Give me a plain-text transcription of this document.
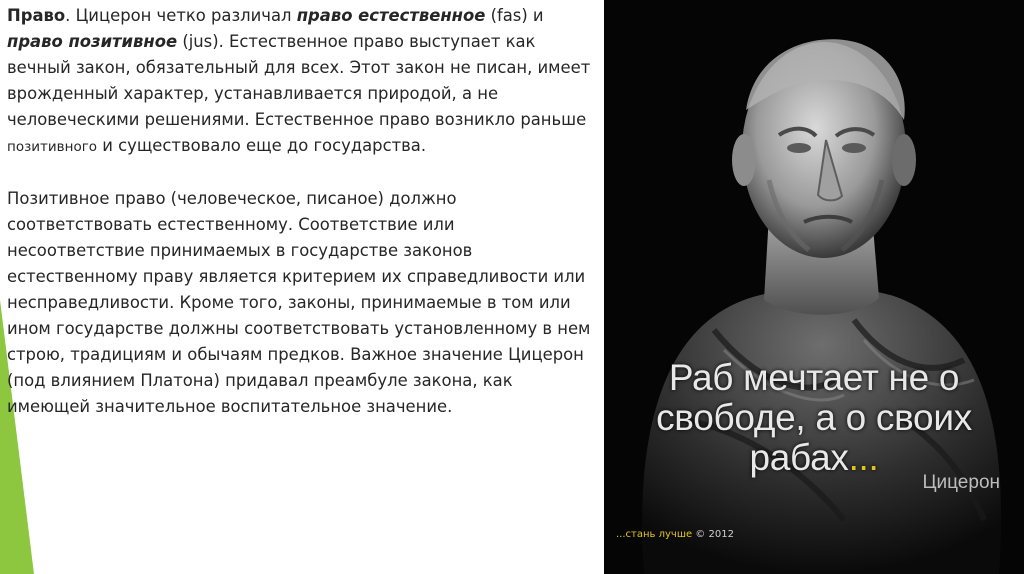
Право. Цицерон четко различал право естественное (fas) и право позитивное (jus). Естественное право выступает как вечный закон, обязательный для всех. Этот закон не писан, имеет врожденный характер, устанавливается природой, а не человеческими решениями. Естественное право возникло раньше позитивного и существовало еще до государства.

Позитивное право (человеческое, писаное) должно соответствовать естественному. Соответствие или несоответствие принимаемых в государстве законов естественному праву является критерием их справедливости или несправедливости. Кроме того, законы, принимаемые в том или ином государстве должны соответствовать установленному в нем строю, традициям и обычаям предков. Важное значение Цицерон (под влиянием Платона) придавал преамбуле закона, как имеющей значительное воспитательное значение.

Раб мечтает не о
свободе, а о своих
рабах...
Цицерон
...стань лучше © 2012
